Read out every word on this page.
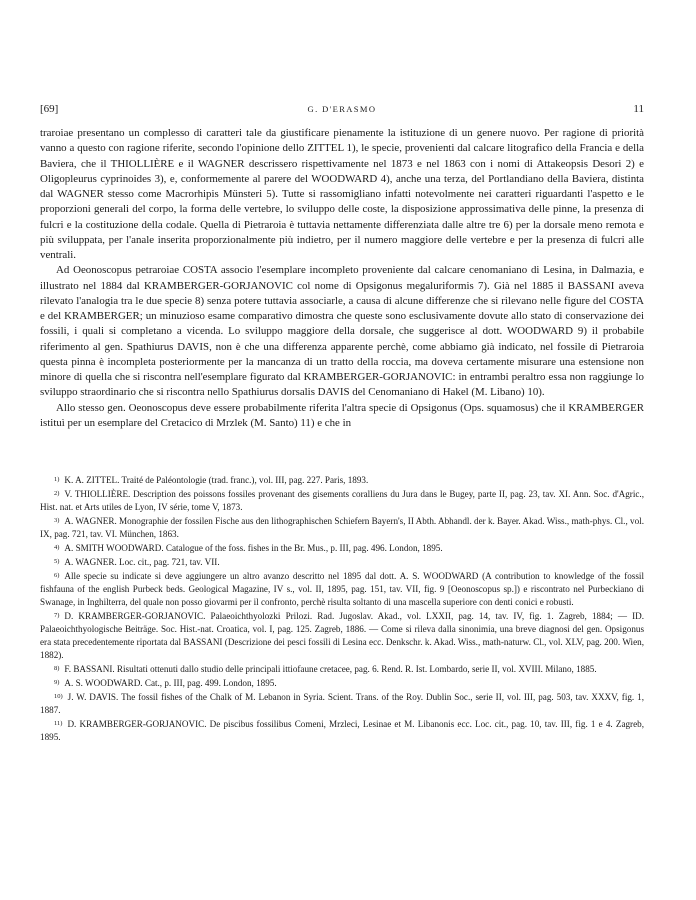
[69]	G. D'ERASMO	11

traroiae presentano un complesso di caratteri tale da giustificare pienamente la istituzione di un genere nuovo. Per ragione di priorità vanno a questo con ragione riferite, secondo l'opinione dello ZITTEL 1), le specie, provenienti dal calcare litografico della Francia e della Baviera, che il THIOLLIÈRE e il WAGNER descrissero rispettivamente nel 1873 e nel 1863 con i nomi di Attakeopsis Desori 2) e Oligopleurus cyprinoides 3), e, conformemente al parere del WOODWARD 4), anche una terza, del Portlandiano della Baviera, distinta dal WAGNER stesso come Macrorhipis Münsteri 5). Tutte si rassomigliano infatti notevolmente nei caratteri riguardanti l'aspetto e le proporzioni generali del corpo, la forma delle vertebre, lo sviluppo delle coste, la disposizione approssimativa delle pinne, la presenza di fulcri e la costituzione della codale. Quella di Pietraroia è tuttavia nettamente differenziata dalle altre tre 6) per la dorsale meno remota e più sviluppata, per l'anale inserita proporzionalmente più indietro, per il numero maggiore delle vertebre e per la presenza di fulcri alle ventrali.

Ad Oeonoscopus petraroiae COSTA associo l'esemplare incompleto proveniente dal calcare cenomaniano di Lesina, in Dalmazia, e illustrato nel 1884 dal KRAMBERGER-GORJANOVIC col nome di Opsigonus megaluriformis 7). Già nel 1885 il BASSANI aveva rilevato l'analogia tra le due specie 8) senza potere tuttavia associarle, a causa di alcune differenze che si rilevano nelle figure del COSTA e del KRAMBERGER; un minuzioso esame comparativo dimostra che queste sono esclusivamente dovute allo stato di conservazione dei fossili, i quali si completano a vicenda. Lo sviluppo maggiore della dorsale, che suggerisce al dott. WOODWARD 9) il probabile riferimento al gen. Spathiurus DAVIS, non è che una differenza apparente perchè, come abbiamo già indicato, nel fossile di Pietraroia questa pinna è incompleta posteriormente per la mancanza di un tratto della roccia, ma doveva certamente misurare una estensione non minore di quella che si riscontra nell'esemplare figurato dal KRAMBERGER-GORJANOVIC: in entrambi peraltro essa non raggiunge lo sviluppo straordinario che si riscontra nello Spathiurus dorsalis DAVIS del Cenomaniano di Hakel (M. Libano) 10).

Allo stesso gen. Oeonoscopus deve essere probabilmente riferita l'altra specie di Opsigonus (Ops. squamosus) che il KRAMBERGER istituì per un esemplare del Cretacico di Mrzlek (M. Santo) 11) e che in

$^{1)}$ K. A. ZITTEL. Traité de Paléontologie (trad. franc.), vol. III, pag. 227. Paris, 1893.

$^{2)}$ V. THIOLLIÈRE. Description des poissons fossiles provenant des gisements coralliens du Jura dans le Bugey, parte II, pag. 23, tav. XI. Ann. Soc. d'Agric., Hist. nat. et Arts utiles de Lyon, IV série, tome V, 1873.

$^{3)}$ A. WAGNER. Monographie der fossilen Fische aus den lithographischen Schiefern Bayern's, II Abth. Abhandl. der k. Bayer. Akad. Wiss., math-phys. Cl., vol. IX, pag. 721, tav. VI. München, 1863.

$^{4)}$ A. SMITH WOODWARD. Catalogue of the foss. fishes in the Br. Mus., p. III, pag. 496. London, 1895.

$^{5)}$ A. WAGNER. Loc. cit., pag. 721, tav. VII.

$^{6)}$ Alle specie su indicate si deve aggiungere un altro avanzo descritto nel 1895 dal dott. A. S. WOODWARD (A contribution to knowledge of the fossil fishfauna of the english Purbeck beds. Geological Magazine, IV s., vol. II, 1895, pag. 151, tav. VII, fig. 9 [Oeonoscopus sp.]) e riscontrato nel Purbeckiano di Swanage, in Inghilterra, del quale non posso giovarmi per il confronto, perchè risulta soltanto di una mascella superiore con denti conici e robusti.

$^{7)}$ D. KRAMBERGER-GORJANOVIC. Palaeoichthyolozki Prilozi. Rad. Jugoslav. Akad., vol. LXXII, pag. 14, tav. IV, fig. 1. Zagreb, 1884; — ID. Palaeoichthyologische Beiträge. Soc. Hist.-nat. Croatica, vol. I, pag. 125. Zagreb, 1886. — Come si rileva dalla sinonimia, una breve diagnosi del gen. Opsigonus era stata precedentemente riportata dal BASSANI (Descrizione dei pesci fossili di Lesina ecc. Denkschr. k. Akad. Wiss., math-naturw. Cl., vol. XLV, pag. 200. Wien, 1882).

$^{8)}$ F. BASSANI. Risultati ottenuti dallo studio delle principali ittiofaune cretacee, pag. 6. Rend. R. Ist. Lombardo, serie II, vol. XVIII. Milano, 1885.

$^{9)}$ A. S. WOODWARD. Cat., p. III, pag. 499. London, 1895.

$^{10)}$ J. W. DAVIS. The fossil fishes of the Chalk of M. Lebanon in Syria. Scient. Trans. of the Roy. Dublin Soc., serie II, vol. III, pag. 503, tav. XXXV, fig. 1, 1887.

$^{11)}$ D. KRAMBERGER-GORJANOVIC. De piscibus fossilibus Comeni, Mrzleci, Lesinae et M. Libanonis ecc. Loc. cit., pag. 10, tav. III, fig. 1 e 4. Zagreb, 1895.
